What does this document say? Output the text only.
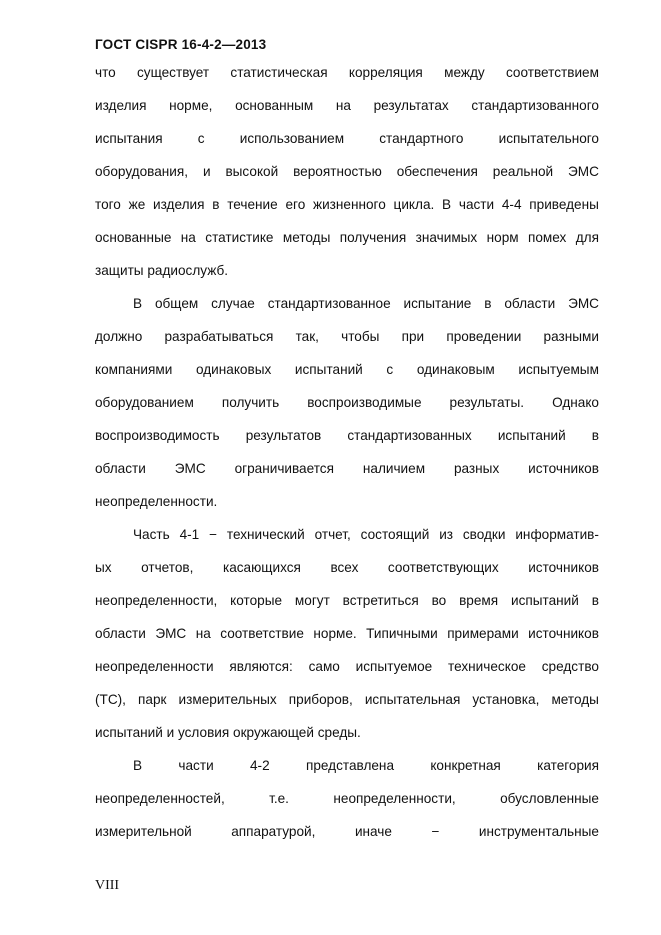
ГОСТ CISPR 16-4-2—2013
что существует статистическая корреляция между соответствием
изделия норме, основанным на результатах стандартизованного
испытания	с	использованием	стандартного	испытательного
оборудования, и высокой вероятностью обеспечения реальной ЭМС
того же изделия в течение его жизненного цикла. В части 4-4 приведены
основанные на статистике методы получения значимых норм помех для
защиты радиослужб.
В общем случае стандартизованное испытание в области ЭМС
должно разрабатываться так, чтобы при проведении разными
компаниями одинаковых испытаний с одинаковым испытуемым
оборудованием получить воспроизводимые результаты. Однако
воспроизводимость результатов стандартизованных испытаний в
области ЭМС ограничивается наличием разных источников
неопределенности.
Часть 4-1 − технический отчет, состоящий из сводки информатив-
ых отчетов, касающихся всех соответствующих источников
неопределенности, которые могут встретиться во время испытаний в
области ЭМС на соответствие норме. Типичными примерами источников
неопределенности являются: само испытуемое техническое средство
(ТС), парк измерительных приборов, испытательная установка, методы
испытаний и условия окружающей среды.
В	части	4-2	представлена	конкретная	категория
неопределенностей,	т.е.	неопределенности,	обусловленные
измерительной	аппаратурой,	иначе	−	инструментальные
VIII
